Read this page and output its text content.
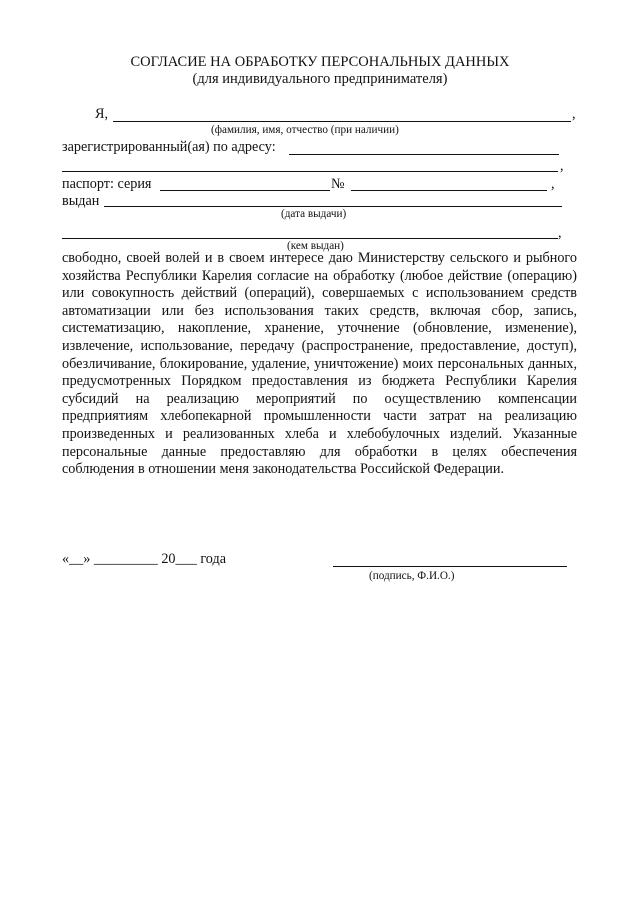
СОГЛАСИЕ НА ОБРАБОТКУ ПЕРСОНАЛЬНЫХ ДАННЫХ
(для индивидуального предпринимателя)
Я,	,
(фамилия, имя, отчество (при наличии)
зарегистрированный(ая) по адресу:
,
паспорт: серия	№	,
выдан
(дата выдачи)
,
(кем выдан)
свободно, своей волей и в своем интересе даю Министерству сельского и рыбного хозяйства Республики Карелия согласие на обработку (любое действие (операцию) или совокупность действий (операций), совершаемых с использованием средств автоматизации или без использования таких средств, включая сбор, запись, систематизацию, накопление, хранение, уточнение (обновление, изменение), извлечение, использование, передачу (распространение, предоставление, доступ), обезличивание, блокирование, удаление, уничтожение) моих персональных данных, предусмотренных Порядком предоставления из бюджета Республики Карелия субсидий на реализацию мероприятий по осуществлению компенсации предприятиям хлебопекарной промышленности части затрат на реализацию произведенных и реализованных хлеба и хлебобулочных изделий. Указанные персональные данные предоставляю для обработки в целях обеспечения соблюдения в отношении меня законодательства Российской Федерации.
«__» _________ 20___ года
(подпись, Ф.И.О.)
